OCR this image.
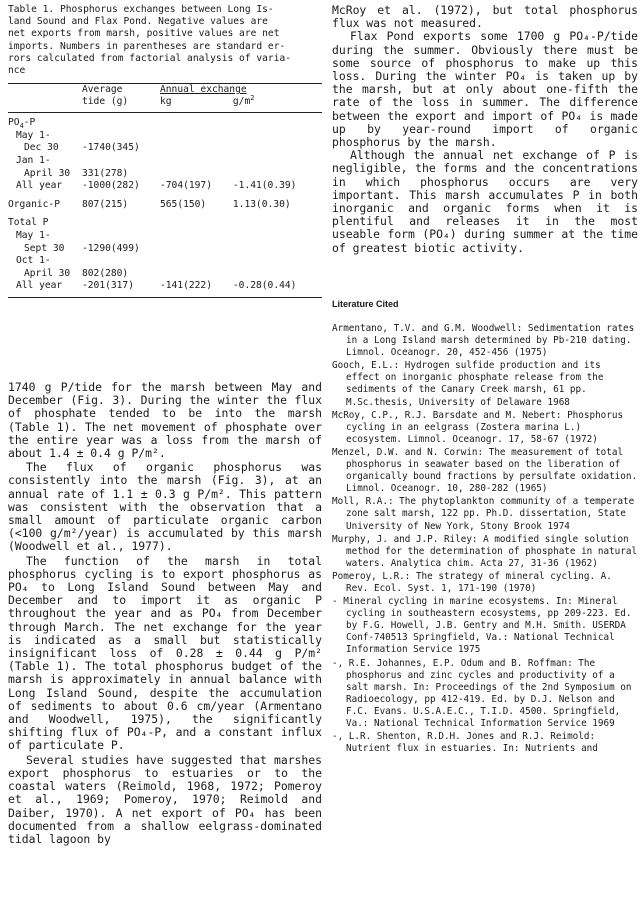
Table 1. Phosphorus exchanges between Long Is-
land Sound and Flax Pond. Negative values are
net exports from marsh, positive values are net
imports. Numbers in parentheses are standard er-
rors calculated from factorial analysis of varia-
nce

	Average	Annual exchange	
	tide (g)	kg	$g/m^2$

$PO_4-P$			
May 1-			
Dec 30	-1740(345)		
Jan 1-			
April 30	331(278)		
All year	-1000(282)	-704(197)	-1.41(0.39)

Organic-P	807(215)	565(150)	1.13(0.30)

Total P			
May 1-			
Sept 30	-1290(499)		
Oct 1-			
April 30	802(280)		
All year	-201(317)	-141(222)	-0.28(0.44)

1740 g P/tide for the marsh between May and December (Fig. 3). During the winter the flux of phosphate tended to be into the marsh (Table 1). The net movement of phosphate over the entire year was a loss from the marsh of about 1.4 ± 0.4 g P/m².

The flux of organic phosphorus was consistently into the marsh (Fig. 3), at an annual rate of 1.1 ± 0.3 g P/m². This pattern was consistent with the observation that a small amount of particulate organic carbon (<100 g/m²/year) is accumulated by this marsh (Woodwell et al., 1977).

The function of the marsh in total phosphorus cycling is to export phosphorus as PO₄ to Long Island Sound between May and December and to import it as organic P throughout the year and as PO₄ from December through March. The net exchange for the year is indicated as a small but statistically insignificant loss of 0.28 ± 0.44 g P/m² (Table 1). The total phosphorus budget of the marsh is approximately in annual balance with Long Island Sound, despite the accumulation of sediments to about 0.6 cm/year (Armentano and Woodwell, 1975), the significantly shifting flux of PO₄-P, and a constant influx of particulate P.

Several studies have suggested that marshes export phosphorus to estuaries or to the coastal waters (Reimold, 1968, 1972; Pomeroy et al., 1969; Pomeroy, 1970; Reimold and Daiber, 1970). A net export of PO₄ has been documented from a shallow eelgrass-dominated tidal lagoon by

McRoy et al. (1972), but total phosphorus flux was not measured.

Flax Pond exports some 1700 g PO₄-P/tide during the summer. Obviously there must be some source of phosphorus to make up this loss. During the winter PO₄ is taken up by the marsh, but at only about one-fifth the rate of the loss in summer. The difference between the export and import of PO₄ is made up by year-round import of organic phosphorus by the marsh.

Although the annual net exchange of P is negligible, the forms and the concentrations in which phosphorus occurs are very important. This marsh accumulates P in both inorganic and organic forms when it is plentiful and releases it in the most useable form (PO₄) during summer at the time of greatest biotic activity.

Literature Cited

Armentano, T.V. and G.M. Woodwell: Sedimentation rates in a Long Island marsh determined by Pb-210 dating. Limnol. Oceanogr. 20, 452-456 (1975)

Gooch, E.L.: Hydrogen sulfide production and its effect on inorganic phosphate release from the sediments of the Canary Creek marsh, 61 pp. M.Sc.thesis, University of Delaware 1968

McRoy, C.P., R.J. Barsdate and M. Nebert: Phosphorus cycling in an eelgrass (Zostera marina L.) ecosystem. Limnol. Oceanogr. 17, 58-67 (1972)

Menzel, D.W. and N. Corwin: The measurement of total phosphorus in seawater based on the liberation of organically bound fractions by persulfate oxidation. Limnol. Oceanogr. 10, 280-282 (1965)

Moll, R.A.: The phytoplankton community of a temperate zone salt marsh, 122 pp. Ph.D. dissertation, State University of New York, Stony Brook 1974

Murphy, J. and J.P. Riley: A modified single solution method for the determination of phosphate in natural waters. Analytica chim. Acta 27, 31-36 (1962)

Pomeroy, L.R.: The strategy of mineral cycling. A. Rev. Ecol. Syst. 1, 171-190 (1970)

- Mineral cycling in marine ecosystems. In: Mineral cycling in southeastern ecosystems, pp 209-223. Ed. by F.G. Howell, J.B. Gentry and M.H. Smith. USERDA Conf-740513 Springfield, Va.: National Technical Information Service 1975

-, R.E. Johannes, E.P. Odum and B. Roffman: The phosphorus and zinc cycles and productivity of a salt marsh. In: Proceedings of the 2nd Symposium on Radioecology, pp 412-419. Ed. by D.J. Nelson and F.C. Evans. U.S.A.E.C., T.I.D. 4500. Springfield, Va.: National Technical Information Service 1969

-, L.R. Shenton, R.D.H. Jones and R.J. Reimold: Nutrient flux in estuaries. In: Nutrients and
